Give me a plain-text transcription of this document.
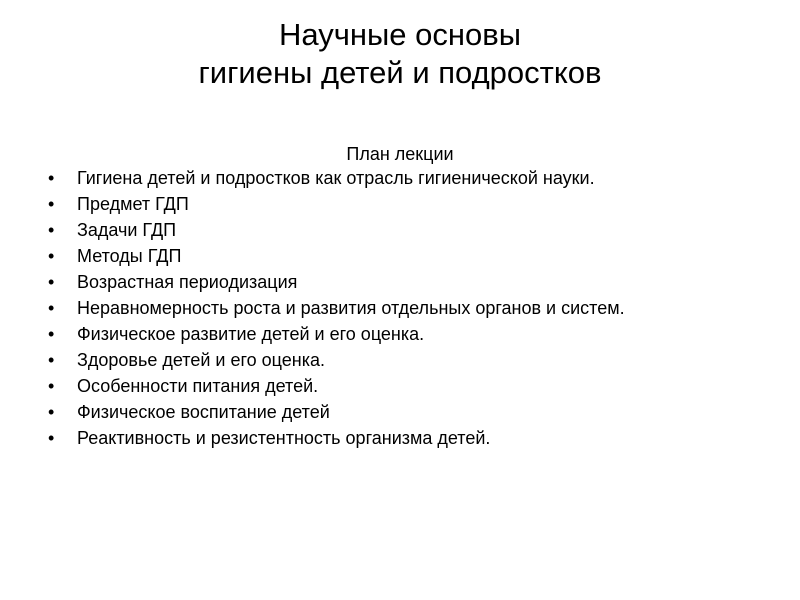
Научные основы
гигиены детей и подростков

План лекции

•	Гигиена детей и подростков как отрасль гигиенической науки.
•	Предмет ГДП
•	Задачи ГДП
•	Методы ГДП
•	Возрастная периодизация
•	Неравномерность роста и развития отдельных органов и систем.
•	Физическое развитие детей и его оценка.
•	Здоровье детей и его оценка.
•	Особенности питания детей.
•	Физическое воспитание детей
•	Реактивность и резистентность организма детей.
